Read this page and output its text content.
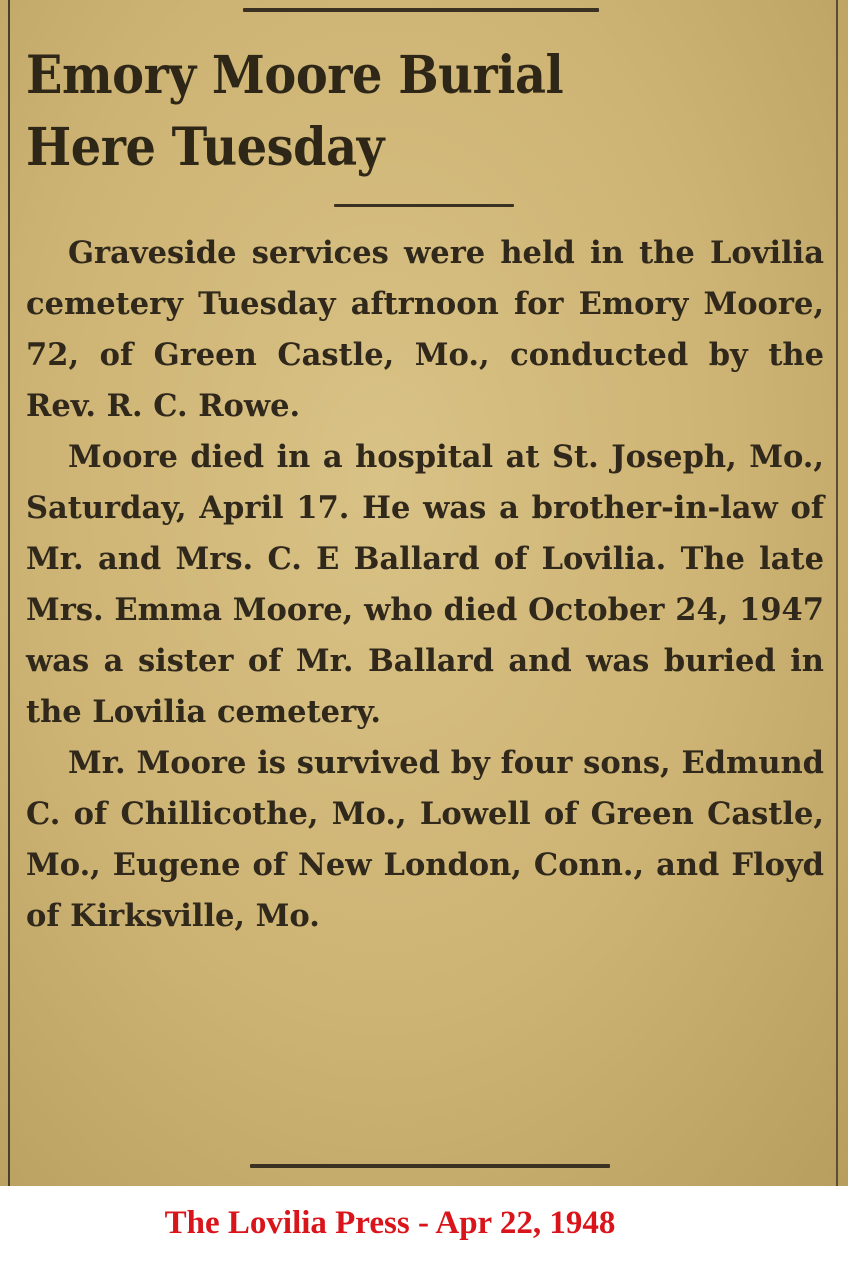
Emory Moore Burial
Here Tuesday

Graveside services were held in the Lovilia cemetery Tuesday aftrnoon for Emory Moore, 72, of Green Castle, Mo., conducted by the Rev. R. C. Rowe.

Moore died in a hospital at St. Joseph, Mo., Saturday, April 17. He was a brother-in-law of Mr. and Mrs. C. E Ballard of Lovilia. The late Mrs. Emma Moore, who died October 24, 1947 was a sister of Mr. Ballard and was buried in the Lovilia cemetery.

Mr. Moore is survived by four sons, Edmund C. of Chillicothe, Mo., Lowell of Green Castle, Mo., Eugene of New London, Conn., and Floyd of Kirksville, Mo.

The Lovilia Press - Apr 22, 1948
